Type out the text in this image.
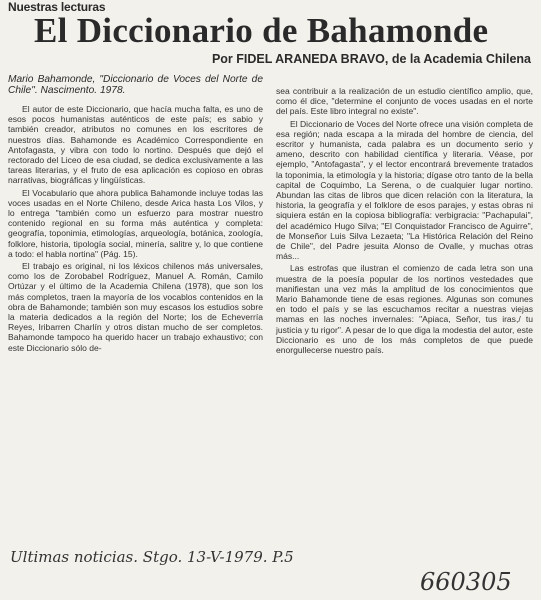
Nuestras lecturas
El Diccionario de Bahamonde
Por FIDEL ARANEDA BRAVO, de la Academia Chilena

Mario Bahamonde, "Diccionario de Voces del Norte de Chile". Nascimento. 1978.

El autor de este Diccionario, que hacía mucha falta, es uno de esos pocos humanistas auténticos de este país; es sabio y también creador, atributos no comunes en los escritores de nuestros días. Bahamonde es Académico Correspondiente en Antofagasta, y vibra con todo lo nortino. Después que dejó el rectorado del Liceo de esa ciudad, se dedica exclusivamente a las tareas literarias, y el fruto de esa aplicación es copioso en obras narrativas, biográficas y lingüísticas.

El Vocabulario que ahora publica Bahamonde incluye todas las voces usadas en el Norte Chileno, desde Arica hasta Los Vilos, y lo entrega "también como un esfuerzo para mostrar nuestro contenido regional en su forma más auténtica y completa: geografía, toponimia, etimologías, arqueología, botánica, zoología, folklore, historia, tipología social, minería, salitre y, lo que contiene a todo: el habla nortina" (Pág. 15).

El trabajo es original, ni los léxicos chilenos más universales, como los de Zorobabel Rodríguez, Manuel A. Román, Camilo Ortúzar y el último de la Academia Chilena (1978), que son los más completos, traen la mayoría de los vocablos contenidos en la obra de Bahamonde; también son muy escasos los estudios sobre la materia dedicados a la región del Norte; los de Echeverría Reyes, Iribarren Charlín y otros distan mucho de ser completos. Bahamonde tampoco ha querido hacer un trabajo exhaustivo; con este Diccionario sólo de-

sea contribuir a la realización de un estudio científico amplio, que, como él dice, "determine el conjunto de voces usadas en el norte del país. Este libro integral no existe".

El Diccionario de Voces del Norte ofrece una visión completa de esa región; nada escapa a la mirada del hombre de ciencia, del escritor y humanista, cada palabra es un documento serio y ameno, descrito con habilidad científica y literaria. Véase, por ejemplo, "Antofagasta", y el lector encontrará brevemente tratados la toponimia, la etimología y la historia; dígase otro tanto de la bella capital de Coquimbo, La Serena, o de cualquier lugar nortino. Abundan las citas de libros que dicen relación con la literatura, la historia, la geografía y el folklore de esos parajes, y estas obras ni siquiera están en la copiosa bibliografía: verbigracia: "Pachapulai", del académico Hugo Silva; "El Conquistador Francisco de Aguirre", de Monseñor Luis Silva Lezaeta; "La Histórica Relación del Reino de Chile", del Padre jesuita Alonso de Ovalle, y muchas otras más...

Las estrofas que ilustran el comienzo de cada letra son una muestra de la poesía popular de los nortinos vestedades que manifiestan una vez más la amplitud de los conocimientos que Mario Bahamonde tiene de esas regiones. Algunas son comunes en todo el país y se las escuchamos recitar a nuestras viejas mamas en las noches invernales: "Apiaca, Señor, tus iras,/ tu justicia y tu rigor". A pesar de lo que diga la modestia del autor, este Diccionario es uno de los más completos de que puede enorgullecerse nuestro país.

Ultimas noticias. Stgo. 13-V-1979. P.5
660305
